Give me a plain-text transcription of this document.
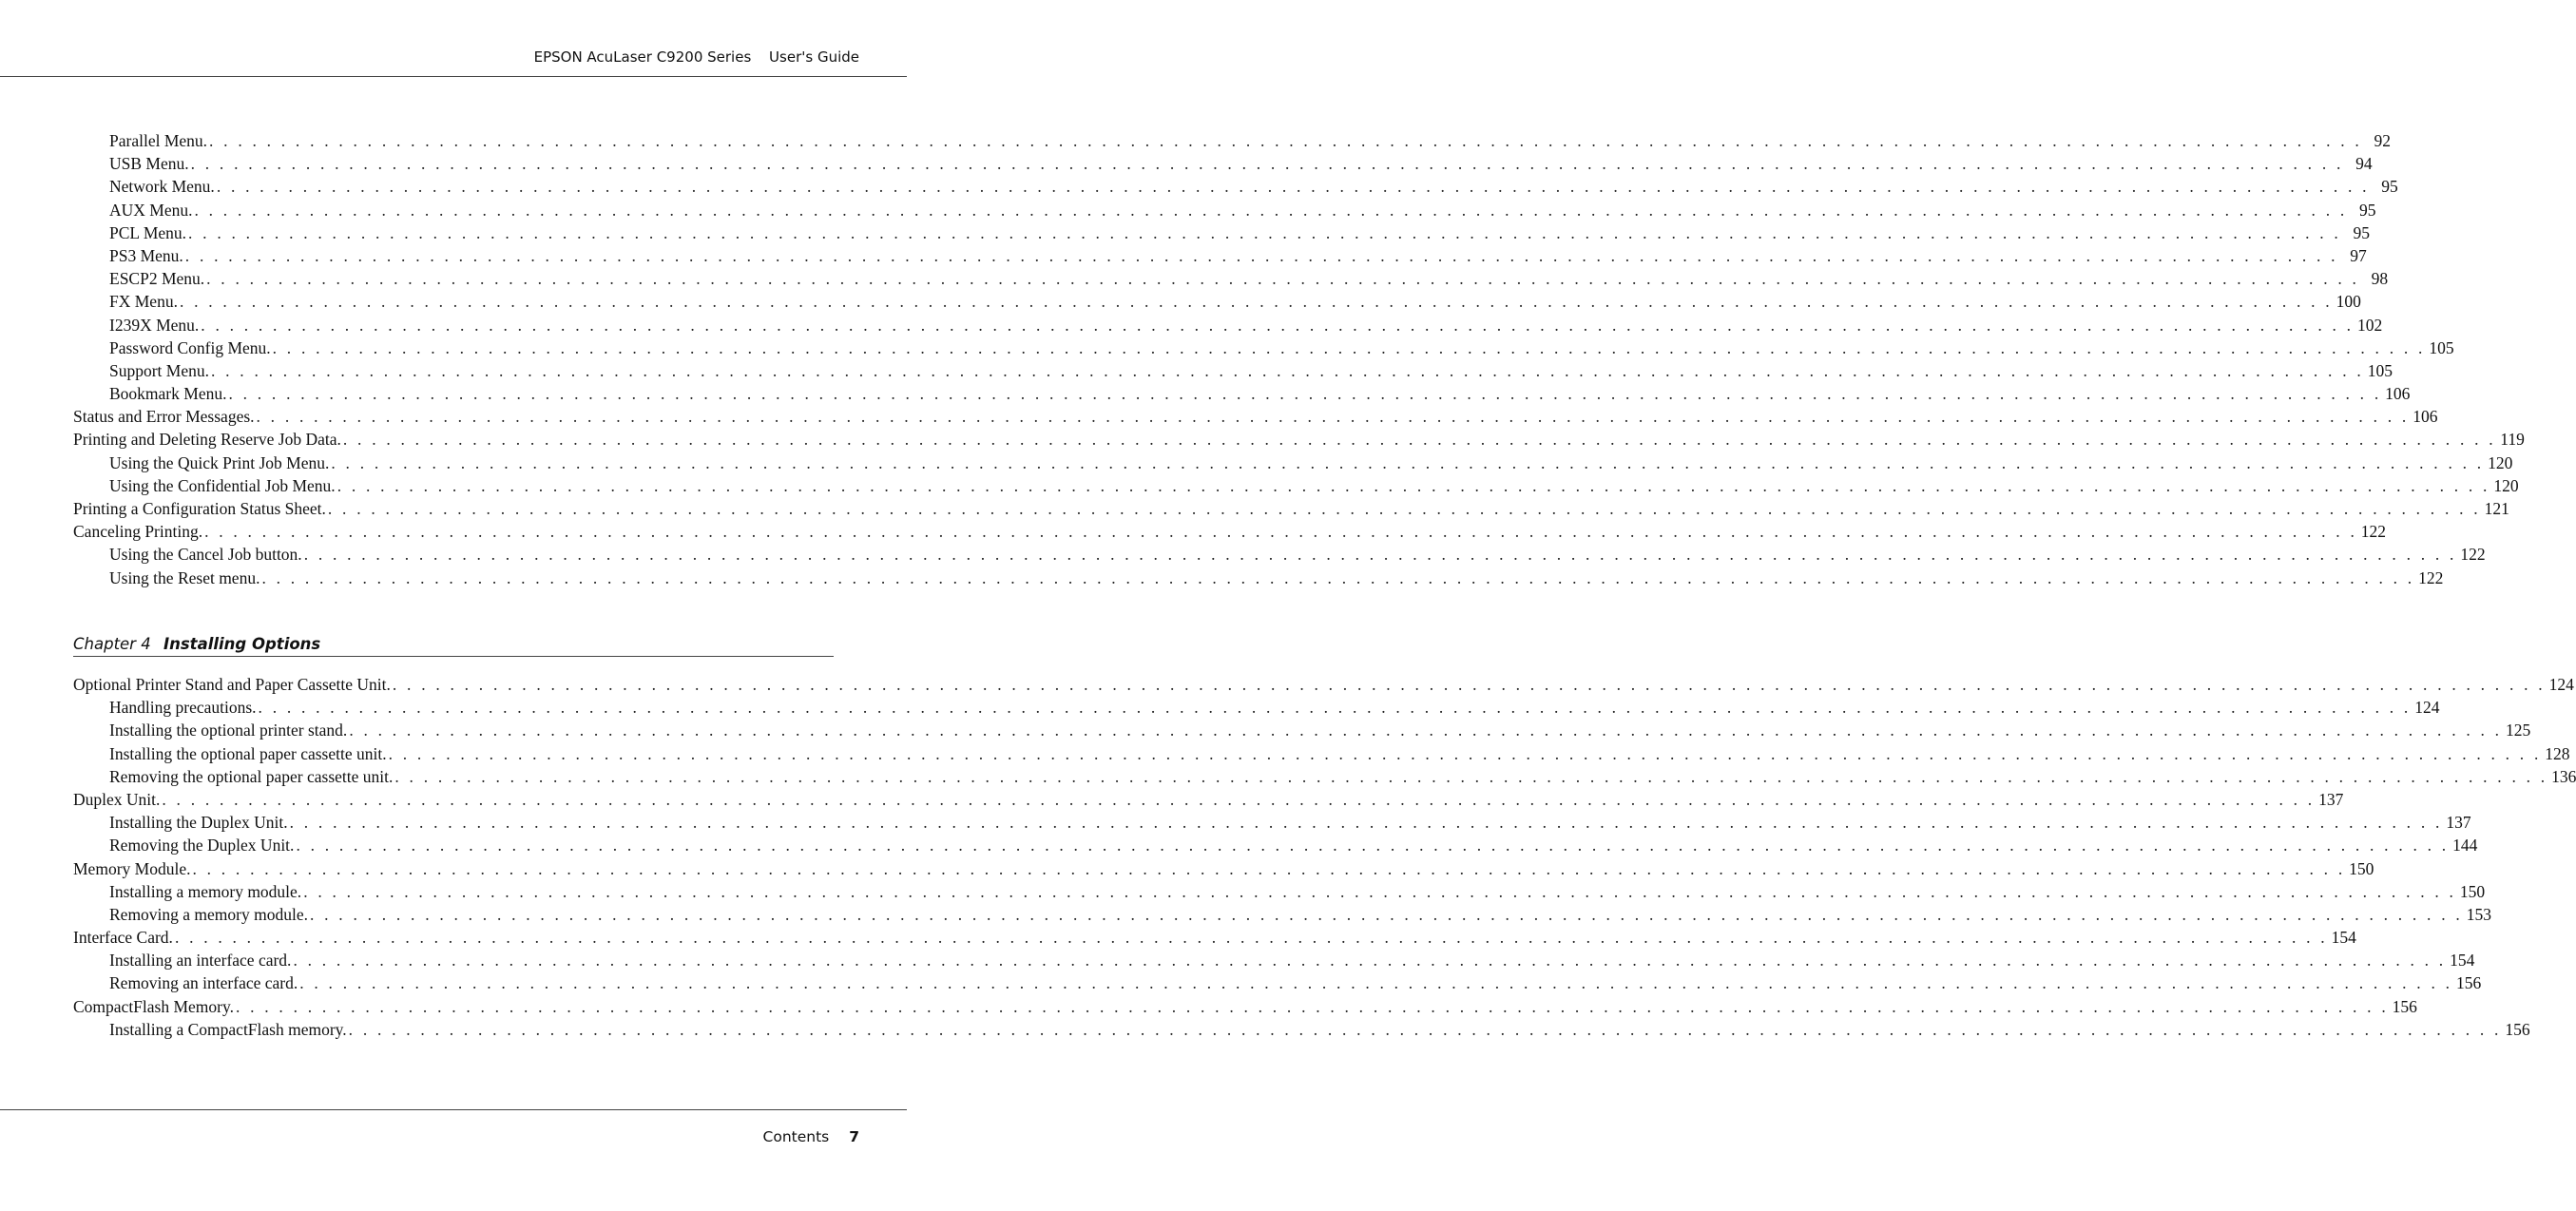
EPSON AcuLaser C9200 Series User's Guide
Parallel Menu. . . . . . . . . . . . . . . . . . . . . . . . . . . . . . . . . . . . . . . . . . . . . . . . . . . . . . . . . . . . . . . . . . . . . . . . . . . . . . . . . . . . . . . . . . . . . . . . . . . . . . . . . . . . . . . . . . . . . . . . . . . . . . . . . . . . . . . . . . . . . . . . . . . . . . . 92
USB Menu. . . . . . . . . . . . . . . . . . . . . . . . . . . . . . . . . . . . . . . . . . . . . . . . . . . . . . . . . . . . . . . . . . . . . . . . . . . . . . . . . . . . . . . . . . . . . . . . . . . . . . . . . . . . . . . . . . . . . . . . . . . . . . . . . . . . . . . . . . . . . . . . . . . . . . . 94
Network Menu. . . . . . . . . . . . . . . . . . . . . . . . . . . . . . . . . . . . . . . . . . . . . . . . . . . . . . . . . . . . . . . . . . . . . . . . . . . . . . . . . . . . . . . . . . . . . . . . . . . . . . . . . . . . . . . . . . . . . . . . . . . . . . . . . . . . . . . . . . . . . . . . . . . . . . . 95
AUX Menu. . . . . . . . . . . . . . . . . . . . . . . . . . . . . . . . . . . . . . . . . . . . . . . . . . . . . . . . . . . . . . . . . . . . . . . . . . . . . . . . . . . . . . . . . . . . . . . . . . . . . . . . . . . . . . . . . . . . . . . . . . . . . . . . . . . . . . . . . . . . . . . . . . . . . . . 95
PCL Menu. . . . . . . . . . . . . . . . . . . . . . . . . . . . . . . . . . . . . . . . . . . . . . . . . . . . . . . . . . . . . . . . . . . . . . . . . . . . . . . . . . . . . . . . . . . . . . . . . . . . . . . . . . . . . . . . . . . . . . . . . . . . . . . . . . . . . . . . . . . . . . . . . . . . . . . 95
PS3 Menu. . . . . . . . . . . . . . . . . . . . . . . . . . . . . . . . . . . . . . . . . . . . . . . . . . . . . . . . . . . . . . . . . . . . . . . . . . . . . . . . . . . . . . . . . . . . . . . . . . . . . . . . . . . . . . . . . . . . . . . . . . . . . . . . . . . . . . . . . . . . . . . . . . . . . . . 97
ESCP2 Menu. . . . . . . . . . . . . . . . . . . . . . . . . . . . . . . . . . . . . . . . . . . . . . . . . . . . . . . . . . . . . . . . . . . . . . . . . . . . . . . . . . . . . . . . . . . . . . . . . . . . . . . . . . . . . . . . . . . . . . . . . . . . . . . . . . . . . . . . . . . . . . . . . . . . . . . 98
FX Menu. . . . . . . . . . . . . . . . . . . . . . . . . . . . . . . . . . . . . . . . . . . . . . . . . . . . . . . . . . . . . . . . . . . . . . . . . . . . . . . . . . . . . . . . . . . . . . . . . . . . . . . . . . . . . . . . . . . . . . . . . . . . . . . . . . . . . . . . . . . . . . . . . . . . . . . 100
I239X Menu. . . . . . . . . . . . . . . . . . . . . . . . . . . . . . . . . . . . . . . . . . . . . . . . . . . . . . . . . . . . . . . . . . . . . . . . . . . . . . . . . . . . . . . . . . . . . . . . . . . . . . . . . . . . . . . . . . . . . . . . . . . . . . . . . . . . . . . . . . . . . . . . . . . . . . . 102
Password Config Menu. . . . . . . . . . . . . . . . . . . . . . . . . . . . . . . . . . . . . . . . . . . . . . . . . . . . . . . . . . . . . . . . . . . . . . . . . . . . . . . . . . . . . . . . . . . . . . . . . . . . . . . . . . . . . . . . . . . . . . . . . . . . . . . . . . . . . . . . . . . . . . . . . . . . . . . 105
Support Menu. . . . . . . . . . . . . . . . . . . . . . . . . . . . . . . . . . . . . . . . . . . . . . . . . . . . . . . . . . . . . . . . . . . . . . . . . . . . . . . . . . . . . . . . . . . . . . . . . . . . . . . . . . . . . . . . . . . . . . . . . . . . . . . . . . . . . . . . . . . . . . . . . . . . . . . 105
Bookmark Menu. . . . . . . . . . . . . . . . . . . . . . . . . . . . . . . . . . . . . . . . . . . . . . . . . . . . . . . . . . . . . . . . . . . . . . . . . . . . . . . . . . . . . . . . . . . . . . . . . . . . . . . . . . . . . . . . . . . . . . . . . . . . . . . . . . . . . . . . . . . . . . . . . . . . . . . 106
Status and Error Messages. . . . . . . . . . . . . . . . . . . . . . . . . . . . . . . . . . . . . . . . . . . . . . . . . . . . . . . . . . . . . . . . . . . . . . . . . . . . . . . . . . . . . . . . . . . . . . . . . . . . . . . . . . . . . . . . . . . . . . . . . . . . . . . . . . . . . . . . . . . . . . . . . . . . . . . 106
Printing and Deleting Reserve Job Data. . . . . . . . . . . . . . . . . . . . . . . . . . . . . . . . . . . . . . . . . . . . . . . . . . . . . . . . . . . . . . . . . . . . . . . . . . . . . . . . . . . . . . . . . . . . . . . . . . . . . . . . . . . . . . . . . . . . . . . . . . . . . . . . . . . . . . . . . . . . . . . . . . . . . . . 119
Using the Quick Print Job Menu. . . . . . . . . . . . . . . . . . . . . . . . . . . . . . . . . . . . . . . . . . . . . . . . . . . . . . . . . . . . . . . . . . . . . . . . . . . . . . . . . . . . . . . . . . . . . . . . . . . . . . . . . . . . . . . . . . . . . . . . . . . . . . . . . . . . . . . . . . . . . . . . . . . . . . . 120
Using the Confidential Job Menu. . . . . . . . . . . . . . . . . . . . . . . . . . . . . . . . . . . . . . . . . . . . . . . . . . . . . . . . . . . . . . . . . . . . . . . . . . . . . . . . . . . . . . . . . . . . . . . . . . . . . . . . . . . . . . . . . . . . . . . . . . . . . . . . . . . . . . . . . . . . . . . . . . . . . . . 120
Printing a Configuration Status Sheet. . . . . . . . . . . . . . . . . . . . . . . . . . . . . . . . . . . . . . . . . . . . . . . . . . . . . . . . . . . . . . . . . . . . . . . . . . . . . . . . . . . . . . . . . . . . . . . . . . . . . . . . . . . . . . . . . . . . . . . . . . . . . . . . . . . . . . . . . . . . . . . . . . . . . . . 121
Canceling Printing. . . . . . . . . . . . . . . . . . . . . . . . . . . . . . . . . . . . . . . . . . . . . . . . . . . . . . . . . . . . . . . . . . . . . . . . . . . . . . . . . . . . . . . . . . . . . . . . . . . . . . . . . . . . . . . . . . . . . . . . . . . . . . . . . . . . . . . . . . . . . . . . . . . . . . . 122
Using the Cancel Job button. . . . . . . . . . . . . . . . . . . . . . . . . . . . . . . . . . . . . . . . . . . . . . . . . . . . . . . . . . . . . . . . . . . . . . . . . . . . . . . . . . . . . . . . . . . . . . . . . . . . . . . . . . . . . . . . . . . . . . . . . . . . . . . . . . . . . . . . . . . . . . . . . . . . . . . 122
Using the Reset menu. . . . . . . . . . . . . . . . . . . . . . . . . . . . . . . . . . . . . . . . . . . . . . . . . . . . . . . . . . . . . . . . . . . . . . . . . . . . . . . . . . . . . . . . . . . . . . . . . . . . . . . . . . . . . . . . . . . . . . . . . . . . . . . . . . . . . . . . . . . . . . . . . . . . . . . 122
Chapter 4 Installing Options
Optional Printer Stand and Paper Cassette Unit. . . . . . . . . . . . . . . . . . . . . . . . . . . . . . . . . . . . . . . . . . . . . . . . . . . . . . . . . . . . . . . . . . . . . . . . . . . . . . . . . . . . . . . . . . . . . . . . . . . . . . . . . . . . . . . . . . . . . . . . . . . . . . . . . . . . . . . . . . . . . . . . . . . . . . . 124
Handling precautions. . . . . . . . . . . . . . . . . . . . . . . . . . . . . . . . . . . . . . . . . . . . . . . . . . . . . . . . . . . . . . . . . . . . . . . . . . . . . . . . . . . . . . . . . . . . . . . . . . . . . . . . . . . . . . . . . . . . . . . . . . . . . . . . . . . . . . . . . . . . . . . . . . . . . . . 124
Installing the optional printer stand. . . . . . . . . . . . . . . . . . . . . . . . . . . . . . . . . . . . . . . . . . . . . . . . . . . . . . . . . . . . . . . . . . . . . . . . . . . . . . . . . . . . . . . . . . . . . . . . . . . . . . . . . . . . . . . . . . . . . . . . . . . . . . . . . . . . . . . . . . . . . . . . . . . . . . . 125
Installing the optional paper cassette unit. . . . . . . . . . . . . . . . . . . . . . . . . . . . . . . . . . . . . . . . . . . . . . . . . . . . . . . . . . . . . . . . . . . . . . . . . . . . . . . . . . . . . . . . . . . . . . . . . . . . . . . . . . . . . . . . . . . . . . . . . . . . . . . . . . . . . . . . . . . . . . . . . . . . . . . 128
Removing the optional paper cassette unit. . . . . . . . . . . . . . . . . . . . . . . . . . . . . . . . . . . . . . . . . . . . . . . . . . . . . . . . . . . . . . . . . . . . . . . . . . . . . . . . . . . . . . . . . . . . . . . . . . . . . . . . . . . . . . . . . . . . . . . . . . . . . . . . . . . . . . . . . . . . . . . . . . . . . . . 136
Duplex Unit. . . . . . . . . . . . . . . . . . . . . . . . . . . . . . . . . . . . . . . . . . . . . . . . . . . . . . . . . . . . . . . . . . . . . . . . . . . . . . . . . . . . . . . . . . . . . . . . . . . . . . . . . . . . . . . . . . . . . . . . . . . . . . . . . . . . . . . . . . . . . . . . . . . . . . . 137
Installing the Duplex Unit. . . . . . . . . . . . . . . . . . . . . . . . . . . . . . . . . . . . . . . . . . . . . . . . . . . . . . . . . . . . . . . . . . . . . . . . . . . . . . . . . . . . . . . . . . . . . . . . . . . . . . . . . . . . . . . . . . . . . . . . . . . . . . . . . . . . . . . . . . . . . . . . . . . . . . . 137
Removing the Duplex Unit. . . . . . . . . . . . . . . . . . . . . . . . . . . . . . . . . . . . . . . . . . . . . . . . . . . . . . . . . . . . . . . . . . . . . . . . . . . . . . . . . . . . . . . . . . . . . . . . . . . . . . . . . . . . . . . . . . . . . . . . . . . . . . . . . . . . . . . . . . . . . . . . . . . . . . . 144
Memory Module. . . . . . . . . . . . . . . . . . . . . . . . . . . . . . . . . . . . . . . . . . . . . . . . . . . . . . . . . . . . . . . . . . . . . . . . . . . . . . . . . . . . . . . . . . . . . . . . . . . . . . . . . . . . . . . . . . . . . . . . . . . . . . . . . . . . . . . . . . . . . . . . . . . . . . . 150
Installing a memory module. . . . . . . . . . . . . . . . . . . . . . . . . . . . . . . . . . . . . . . . . . . . . . . . . . . . . . . . . . . . . . . . . . . . . . . . . . . . . . . . . . . . . . . . . . . . . . . . . . . . . . . . . . . . . . . . . . . . . . . . . . . . . . . . . . . . . . . . . . . . . . . . . . . . . . . 150
Removing a memory module. . . . . . . . . . . . . . . . . . . . . . . . . . . . . . . . . . . . . . . . . . . . . . . . . . . . . . . . . . . . . . . . . . . . . . . . . . . . . . . . . . . . . . . . . . . . . . . . . . . . . . . . . . . . . . . . . . . . . . . . . . . . . . . . . . . . . . . . . . . . . . . . . . . . . . . 153
Interface Card. . . . . . . . . . . . . . . . . . . . . . . . . . . . . . . . . . . . . . . . . . . . . . . . . . . . . . . . . . . . . . . . . . . . . . . . . . . . . . . . . . . . . . . . . . . . . . . . . . . . . . . . . . . . . . . . . . . . . . . . . . . . . . . . . . . . . . . . . . . . . . . . . . . . . . . 154
Installing an interface card. . . . . . . . . . . . . . . . . . . . . . . . . . . . . . . . . . . . . . . . . . . . . . . . . . . . . . . . . . . . . . . . . . . . . . . . . . . . . . . . . . . . . . . . . . . . . . . . . . . . . . . . . . . . . . . . . . . . . . . . . . . . . . . . . . . . . . . . . . . . . . . . . . . . . . . 154
Removing an interface card. . . . . . . . . . . . . . . . . . . . . . . . . . . . . . . . . . . . . . . . . . . . . . . . . . . . . . . . . . . . . . . . . . . . . . . . . . . . . . . . . . . . . . . . . . . . . . . . . . . . . . . . . . . . . . . . . . . . . . . . . . . . . . . . . . . . . . . . . . . . . . . . . . . . . . . 156
CompactFlash Memory. . . . . . . . . . . . . . . . . . . . . . . . . . . . . . . . . . . . . . . . . . . . . . . . . . . . . . . . . . . . . . . . . . . . . . . . . . . . . . . . . . . . . . . . . . . . . . . . . . . . . . . . . . . . . . . . . . . . . . . . . . . . . . . . . . . . . . . . . . . . . . . . . . . . . . . 156
Installing a CompactFlash memory. . . . . . . . . . . . . . . . . . . . . . . . . . . . . . . . . . . . . . . . . . . . . . . . . . . . . . . . . . . . . . . . . . . . . . . . . . . . . . . . . . . . . . . . . . . . . . . . . . . . . . . . . . . . . . . . . . . . . . . . . . . . . . . . . . . . . . . . . . . . . . . . . . . . . . . 156
Contents 7
